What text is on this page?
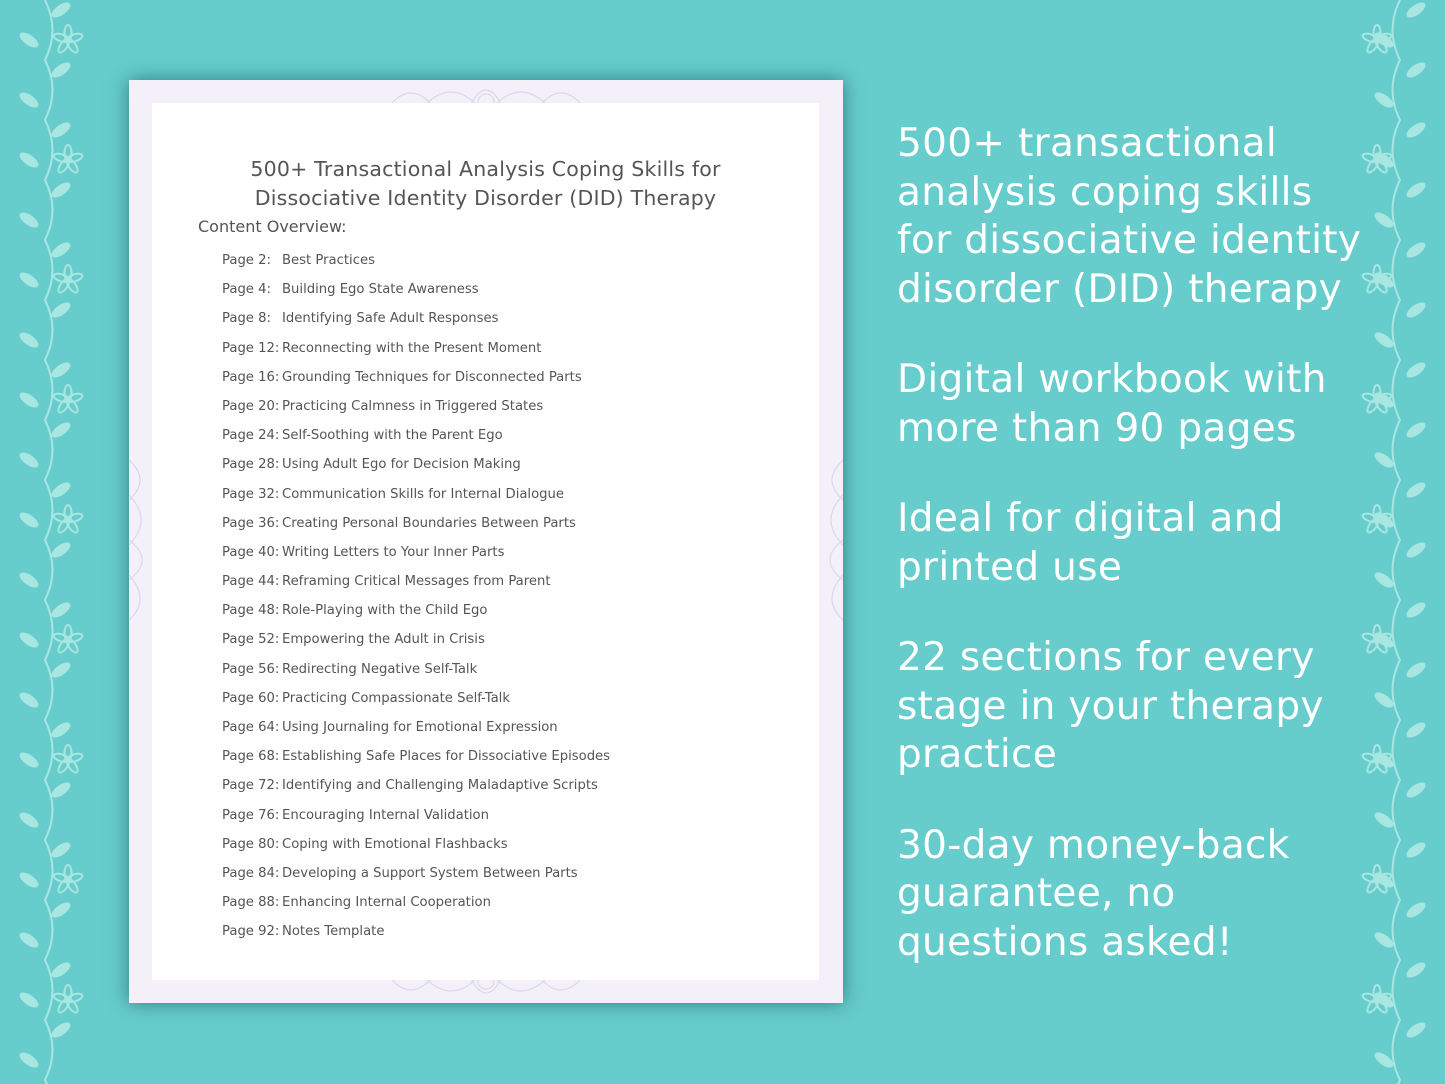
500+ Transactional Analysis Coping Skills for
Dissociative Identity Disorder (DID) Therapy
Content Overview:
Page 2: Best Practices
Page 4: Building Ego State Awareness
Page 8: Identifying Safe Adult Responses
Page 12: Reconnecting with the Present Moment
Page 16: Grounding Techniques for Disconnected Parts
Page 20: Practicing Calmness in Triggered States
Page 24: Self-Soothing with the Parent Ego
Page 28: Using Adult Ego for Decision Making
Page 32: Communication Skills for Internal Dialogue
Page 36: Creating Personal Boundaries Between Parts
Page 40: Writing Letters to Your Inner Parts
Page 44: Reframing Critical Messages from Parent
Page 48: Role-Playing with the Child Ego
Page 52: Empowering the Adult in Crisis
Page 56: Redirecting Negative Self-Talk
Page 60: Practicing Compassionate Self-Talk
Page 64: Using Journaling for Emotional Expression
Page 68: Establishing Safe Places for Dissociative Episodes
Page 72: Identifying and Challenging Maladaptive Scripts
Page 76: Encouraging Internal Validation
Page 80: Coping with Emotional Flashbacks
Page 84: Developing a Support System Between Parts
Page 88: Enhancing Internal Cooperation
Page 92: Notes Template
500+ transactional
analysis coping skills
for dissociative identity
disorder (DID) therapy
Digital workbook with
more than 90 pages
Ideal for digital and
printed use
22 sections for every
stage in your therapy
practice
30-day money-back
guarantee, no
questions asked!
